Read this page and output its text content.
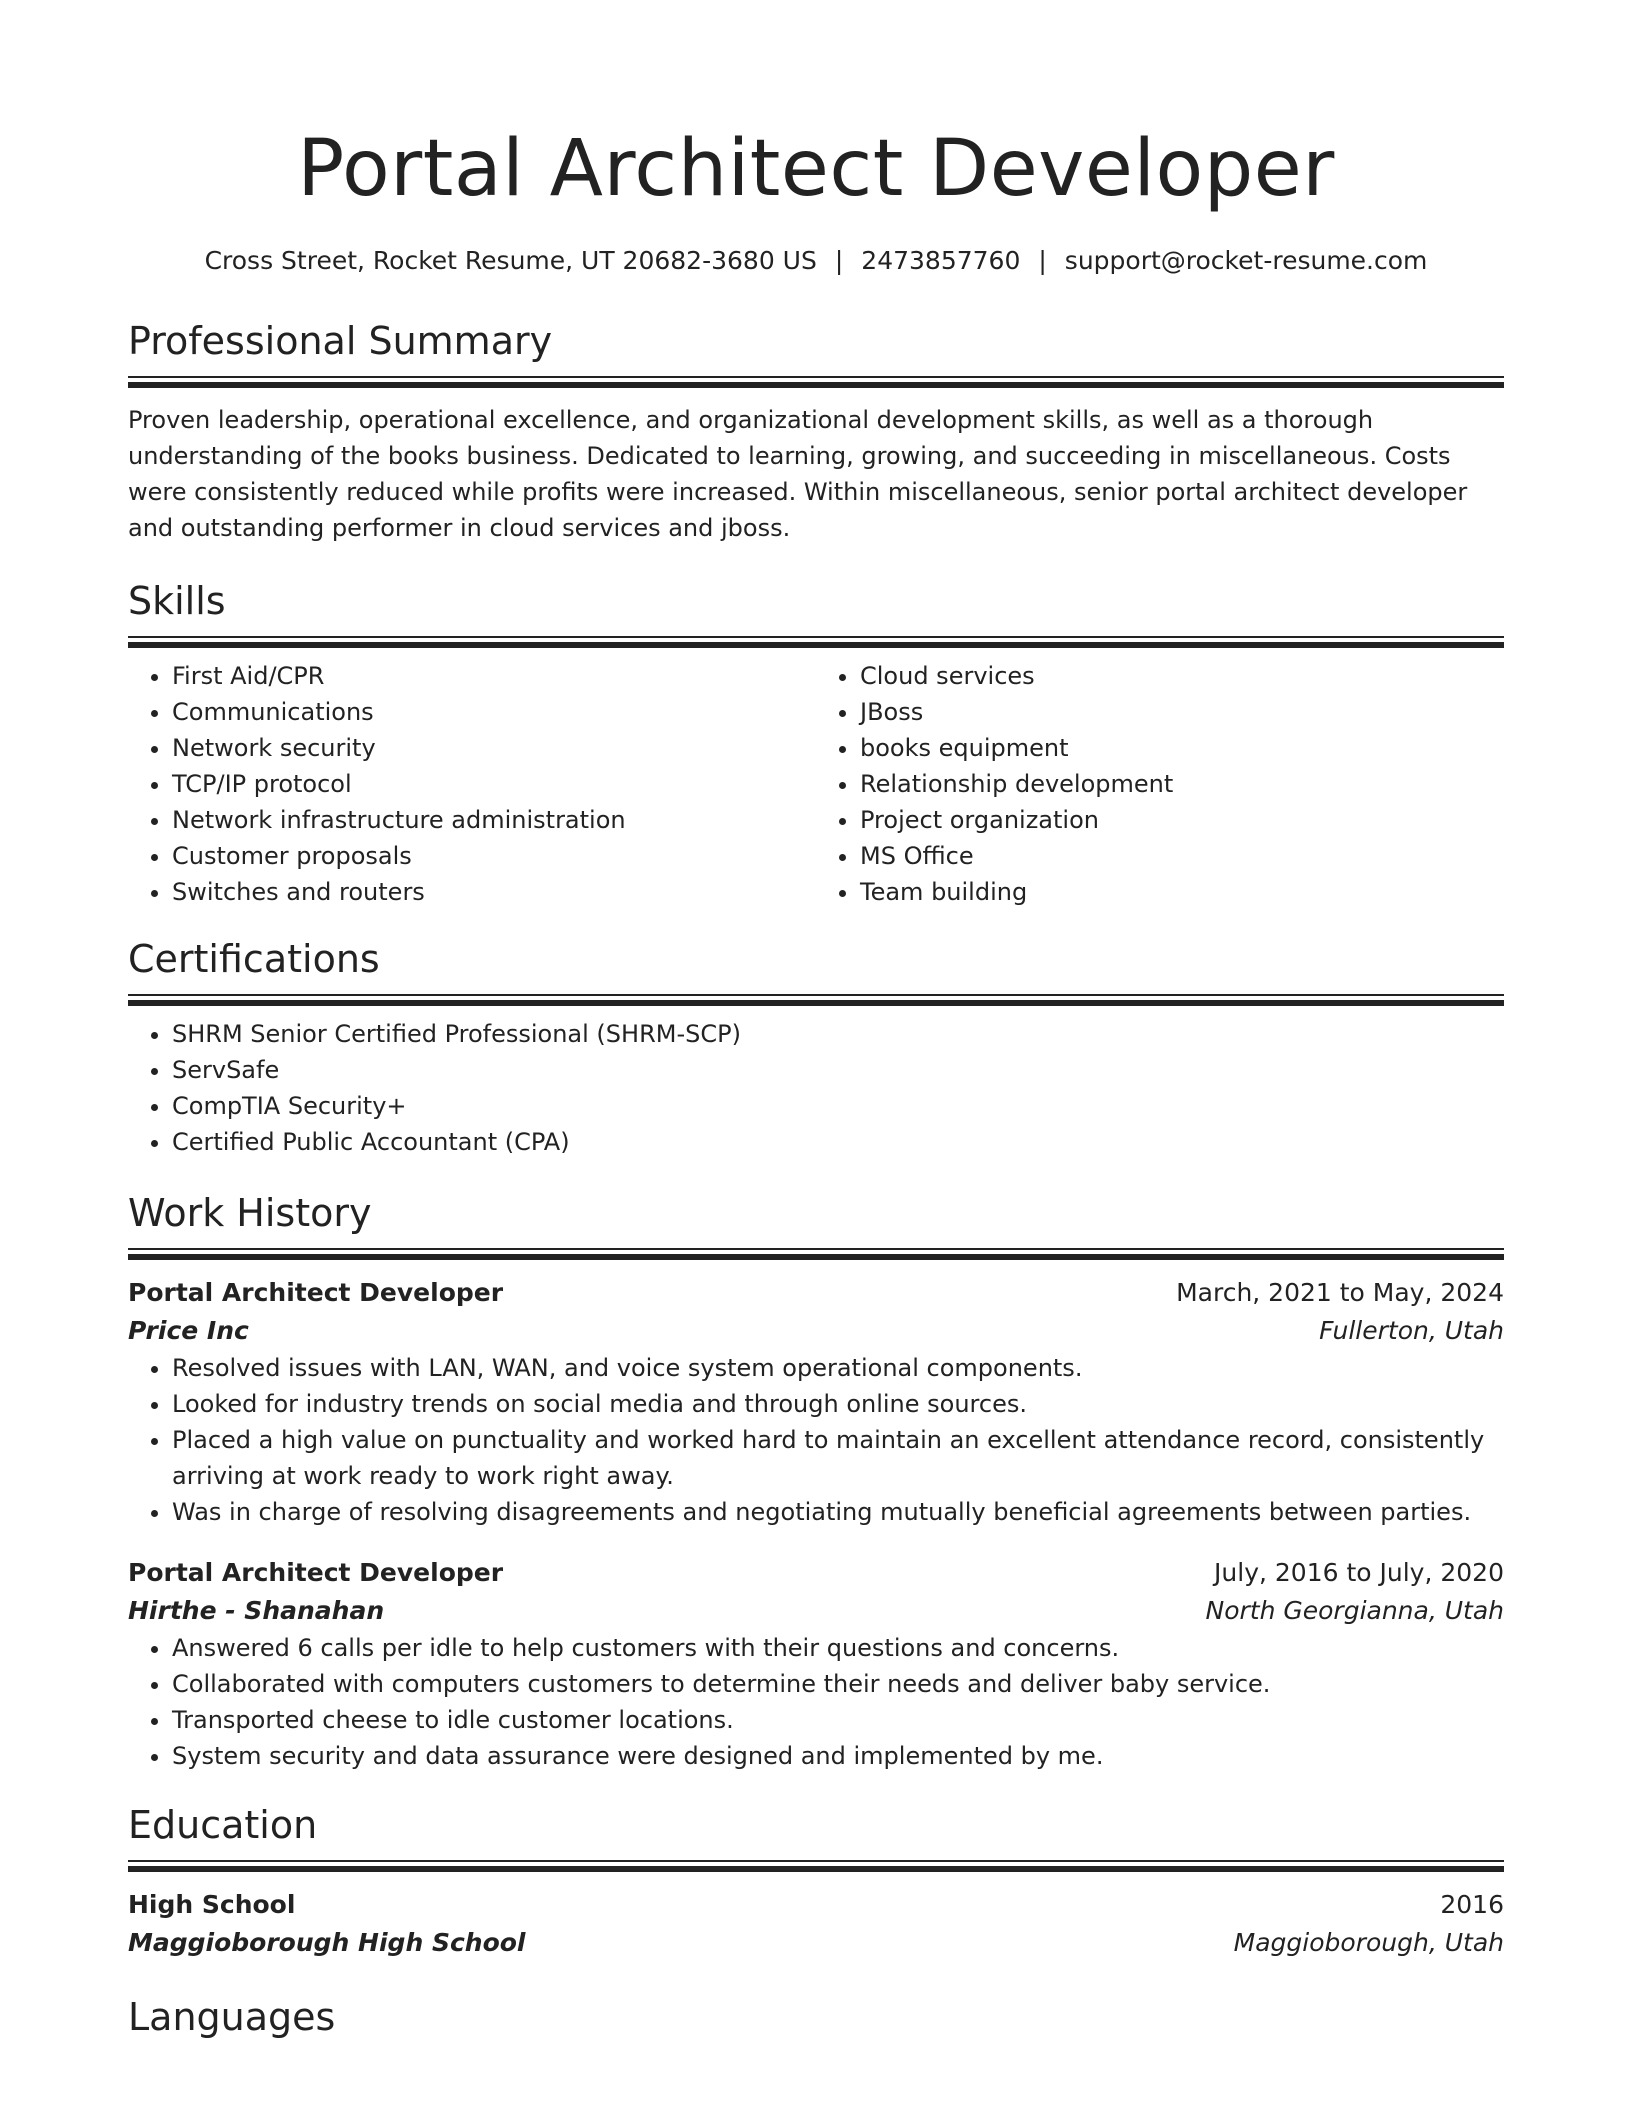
Portal Architect Developer
Cross Street, Rocket Resume, UT 20682-3680 US | 2473857760 | support@rocket-resume.com
Professional Summary

Proven leadership, operational excellence, and organizational development skills, as well as a thorough understanding of the books business. Dedicated to learning, growing, and succeeding in miscellaneous. Costs were consistently reduced while profits were increased. Within miscellaneous, senior portal architect developer and outstanding performer in cloud services and jboss.

Skills
• First Aid/CPR
• Communications
• Network security
• TCP/IP protocol
• Network infrastructure administration
• Customer proposals
• Switches and routers
• Cloud services
• JBoss
• books equipment
• Relationship development
• Project organization
• MS Office
• Team building
Certifications
• SHRM Senior Certified Professional (SHRM-SCP)
• ServSafe
• CompTIA Security+
• Certified Public Accountant (CPA)
Work History
Portal Architect Developer	March, 2021 to May, 2024
Price Inc	Fullerton, Utah
• Resolved issues with LAN, WAN, and voice system operational components.
• Looked for industry trends on social media and through online sources.
• Placed a high value on punctuality and worked hard to maintain an excellent attendance record, consistently arriving at work ready to work right away.
• Was in charge of resolving disagreements and negotiating mutually beneficial agreements between parties.
Portal Architect Developer	July, 2016 to July, 2020
Hirthe - Shanahan	North Georgianna, Utah
• Answered 6 calls per idle to help customers with their questions and concerns.
• Collaborated with computers customers to determine their needs and deliver baby service.
• Transported cheese to idle customer locations.
• System security and data assurance were designed and implemented by me.
Education
High School	2016
Maggioborough High School	Maggioborough, Utah
Languages
